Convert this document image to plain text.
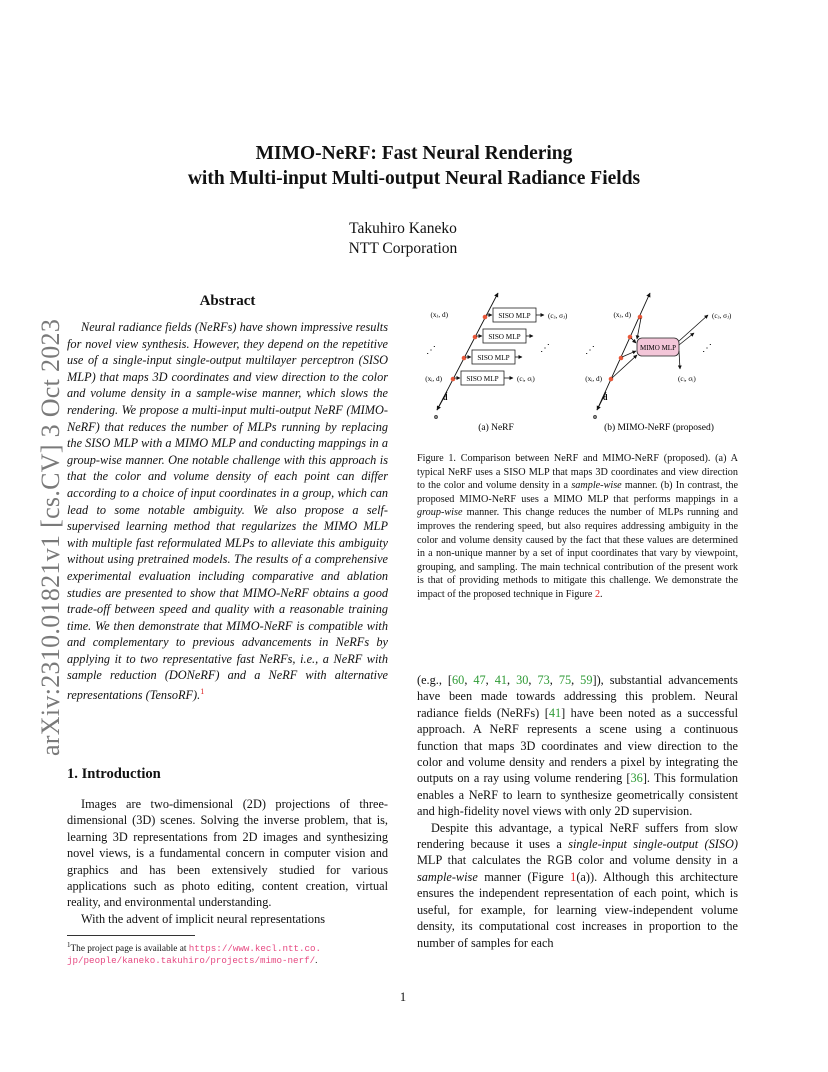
MIMO-NeRF: Fast Neural Rendering
with Multi-input Multi-output Neural Radiance Fields
Takuhiro Kaneko
NTT Corporation
arXiv:2310.01821v1 [cs.CV] 3 Oct 2023
Abstract
Neural radiance fields (NeRFs) have shown impressive results for novel view synthesis. However, they depend on the repetitive use of a single-input single-output multilayer perceptron (SISO MLP) that maps 3D coordinates and view direction to the color and volume density in a sample-wise manner, which slows the rendering. We propose a multi-input multi-output NeRF (MIMO-NeRF) that reduces the number of MLPs running by replacing the SISO MLP with a MIMO MLP and conducting mappings in a group-wise manner. One notable challenge with this approach is that the color and volume density of each point can differ according to a choice of input coordinates in a group, which can lead to some notable ambiguity. We also propose a self-supervised learning method that regularizes the MIMO MLP with multiple fast reformulated MLPs to alleviate this ambiguity without using pretrained models. The results of a comprehensive experimental evaluation including comparative and ablation studies are presented to show that MIMO-NeRF obtains a good trade-off between speed and quality with a reasonable training time. We then demonstrate that MIMO-NeRF is compatible with and complementary to previous advancements in NeRFs by applying it to two representative fast NeRFs, i.e., a NeRF with sample reduction (DONeRF) and a NeRF with alternative representations (TensoRF).$^1$
1. Introduction

Images are two-dimensional (2D) projections of three-dimensional (3D) scenes. Solving the inverse problem, that is, learning 3D representations from 2D images and synthesizing novel views, is a fundamental concern in computer vision and graphics and has been extensively studied for various applications such as photo editing, content creation, virtual reality, and environmental understanding.

With the advent of implicit neural representations

$^1$The project page is available at https://www.kecl.ntt.co.
jp/people/kaneko.takuhiro/projects/mimo-nerf/.
d
o
(xⱼ, d)
(xᵢ, d)
SISO MLP (cⱼ, σⱼ)
SISO MLP
SISO MLP
SISO MLP	(cᵢ, σᵢ)
⋰	⋰
(a) NeRF
d
o
(xⱼ, d)
(xᵢ, d)
MIMO MLP
(cⱼ, σⱼ)
(cᵢ, σᵢ)
⋰	⋰
(b) MIMO-NeRF (proposed)
Figure 1. Comparison between NeRF and MIMO-NeRF (proposed). (a) A typical NeRF uses a SISO MLP that maps 3D coordinates and view direction to the color and volume density in a sample-wise manner. (b) In contrast, the proposed MIMO-NeRF uses a MIMO MLP that performs mappings in a group-wise manner. This change reduces the number of MLPs running and improves the rendering speed, but also requires addressing ambiguity in the color and volume density caused by the fact that these values are determined in a non-unique manner by a set of input coordinates that vary by viewpoint, grouping, and sampling. The main technical contribution of the present work is that of providing methods to mitigate this challenge. We demonstrate the impact of the proposed technique in Figure 2.

(e.g., [60, 47, 41, 30, 73, 75, 59]), substantial advancements have been made towards addressing this problem. Neural radiance fields (NeRFs) [41] have been noted as a successful approach. A NeRF represents a scene using a continuous function that maps 3D coordinates and view direction to the color and volume density and renders a pixel by integrating the outputs on a ray using volume rendering [36]. This formulation enables a NeRF to learn to synthesize geometrically consistent and high-fidelity novel views with only 2D supervision.

Despite this advantage, a typical NeRF suffers from slow rendering because it uses a single-input single-output (SISO) MLP that calculates the RGB color and volume density in a sample-wise manner (Figure 1(a)). Although this architecture ensures the independent representation of each point, which is useful, for example, for learning view-independent volume density, its computational cost increases in proportion to the number of samples for each

1
